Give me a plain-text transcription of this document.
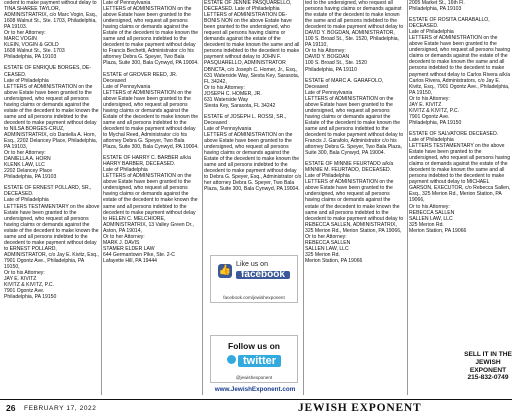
cedent to make payment without delay to TINA SHAREE TAYLOR, ADMINISTRATRIX, c/o Marc Vogin, Esq., 1608 Walnut St., Ste. 1703, Philadelphia, PA 19103.
Or to her Attorney:
MARC VOGIN
KLEIN, VOGIN & GOLD
1608 Walnut St., Ste. 1703
Philadelphia, PA 19103

ESTATE OF ENRIQUE BORGES, DE-CEASED.
Late of Philadelphia
LETTERS of ADMINISTRATION on the above Estate have been granted to the undersigned, who request all persons having claims or demands against the estate of the decedent to make known the same and all persons indebted to the decedent to make payment without delay to NILSA BORGES-CRUZ, ADMINISTRATRIX, c/o Daniella A. Horn, Esq., 2202 Delancey Place, Philadelphia, PA 19103,
Or to her Attorney:
DANIELLA A. HORN
KLENK LAW, LLC
2202 Delancey Place
Philadelphia, PA 19103

ESTATE OF ERNEST POLLARD, SR., DECEASED.
Late of Philadelphia
LETTERS TESTAMENTARY on the above Estate have been granted to the undersigned, who request all persons having claims or demands against the estate of the decedent to make known the same and all persons indebted to the decedent to make payment without delay to ERNEST POLLARD, ADMINISTRATOR, c/o Jay E. Kivitz, Esq., 7901 Ogontz Ave., Philadelphia, PA 19150,
Or to his Attorney:
JAY E. KIVITZ
KIVITZ & KIVITZ, P.C.
7901 Ogontz Ave.
Philadelphia, PA 19150

Late of Pennsylvania
LETTERS of ADMINISTRATION on the above Estate have been granted to the undersigned, who request all persons having claims or demands against the Estate of the decedent to make known the same and all persons indebted to the decedent to make payment without delay to Francis Bechetti, Administrator c/o his attorney Debra G. Speyer, Two Bala Plaza, Suite 300, Bala Cynwyd, PA 19004.

ESTATE of GROVER REED, JR. Deceased
Late of Pennsylvania
LETTERS of ADMINISTRATION on the above Estate have been granted to the undersigned, who request all persons having claims or demands against the Estate of the decedent to make known the same and all persons indebted to the decedent to make payment without delay to Mychal Reed, Administrator c/o his attorney Debra G. Speyer, Two Bala Plaza, Suite 300, Bala Cynwyd, PA 19004.

ESTATE OF HARRY C. BARBER a/k/a HARRY BARBER, DECEASED.
Late of Philadelphia
LETTERS of ADMINISTRATION on the above Estate have been granted to the undersigned, who request all persons having claims or demands against the estate of the decedent to make known the same and all persons indebted to the decedent to make payment without delay to HELEN C. MELCHIORE, ADMINISTRATRIX, 13 Valley Green Dr., Aston, PA 19014,
Or to her Attorney:
MARK J. DAVIS
STAMER ELDER LAW
644 Germantown Pike, Ste. 2-C
Lafayette Hill, PA 19444

ESTATE OF JENNIE PASQUARELLO, DECEASED. Late of Philadelphia
LETTERS of ADMINISTRATION DE-BONIS NON on the above Estate have been granted to the undersigned, who request all persons having claims or demands against the estate of the decedent to make known the same and all persons indebted to the decedent to make payment without delay to JOHN F. PASQUARELLO, ADMINISTRATOR DBNCTA, c/o Joseph C. Homer, Jr., Esq., 631 Waterside Way, Siesta Key, Sarasota, FL 34242,
Or to his Attorney:
JOSEPH C. HOMER, JR.
631 Waterside Way
Siesta Key, Sarasota, FL 34242

ESTATE of JOSEPH L. ROSSI, SR., Deceased
Late of Pennsylvania
LETTERS of ADMINISTRATION on the above Estate have been granted to the undersigned, who request all persons having claims or demands against the Estate of the decedent to make known the same and all persons indebted to the decedent to make payment without delay to Debra G. Speyer, Esq., Administrator c/o her attorney Debra G. Speyer, Two Bala Plaza, Suite 300, Bala Cynwyd, PA 19004.

👍 Like us on
facebook
facebook.com/jewishexponent
Follow us on
twitter
@jewishexponent
www.JewishExponent.com

ted to the undersigned, who request all persons having claims or demands against the estate of the decedent to make known the same and all persons indebted to the decedent to make payment without delay to DAVID Y. BOGDAN, ADMINISTRATOR, 100 S. Broad St., Ste. 1520, Philadelphia, PA 19110,
Or to his Attorney:
DAVID Y. BOGDAN
100 S. Broad St., Ste. 1520
Philadelphia, PA 19110

ESTATE of MARC A. GARAFOLO, Deceased
Late of Pennsylvania
LETTERS of ADMINISTRATION on the above Estate have been granted to the undersigned, who request all persons having claims or demands against the Estate of the decedent to make known the same and all persons indebted to the decedent to make payment without delay to Francis J. Garafolo, Administrator c/o his attorney Debra G. Speyer, Two Bala Plaza, Suite 300, Bala Cynwyd, PA 19004.

ESTATE OF MINNIE FEURTADO a/k/a MINNIE M. FEURTADO, DECEASED.
Late of Philadelphia
LETTERS of ADMINISTRATION on the above Estate have been granted to the undersigned, who request all persons having claims or demands against the estate of the decedent to make known the same and all persons indebted to the decedent to make payment without delay to REBECCA SALLEN, ADMINISTRATRIX, 325 Merion Rd., Merion Station, PA 19066,
Or to her Attorney:
REBECCA SALLEN
SALLEN LAW, LLC
325 Merion Rd.
Merion Station, PA 19066

2005 Market St., 16th Fl.
Philadelphia, PA 19103

ESTATE OF ROSITA CARABALLO, DECEASED.
Late of Philadelphia
LETTERS of ADMINISTRATION on the above Estate have been granted to the undersigned, who request all persons having claims or demands against the estate of the decedent to make known the same and all persons indebted to the decedent to make payment without delay to Carlos Rivera a/k/a Carlos Rivera, Administrators, c/o Jay E. Kivitz, Esq., 7901 Ogontz Ave., Philadelphia, PA 19150,
Or to his Attorney:
JAY E. KIVITZ
KIVITZ & KIVITZ, P.C.
7901 Ogontz Ave.
Philadelphia, PA 19150

ESTATE OF SALVATORE DECEASED.
Late of Philadelphia
LETTERS TESTAMENTARY on the above Estate have been granted to the undersigned, who request all persons having claims or demands against the estate of the decedent to make known the same and all persons indebted to the decedent to make payment without delay to MICHAEL GARSON, EXECUTOR, c/o Rebecca Sallen, Esq., 325 Merion Rd., Merion Station, PA 19066,
Or to his Attorney:
REBECCA SALLEN
SALLEN LAW, LLC
325 Merion Rd.
Merion Station, PA 19066

SELL IT IN THE
JEWISH EXPONENT
215-832-0749
26 FEBRUARY 17, 2022	JEWISH EXPONENT
